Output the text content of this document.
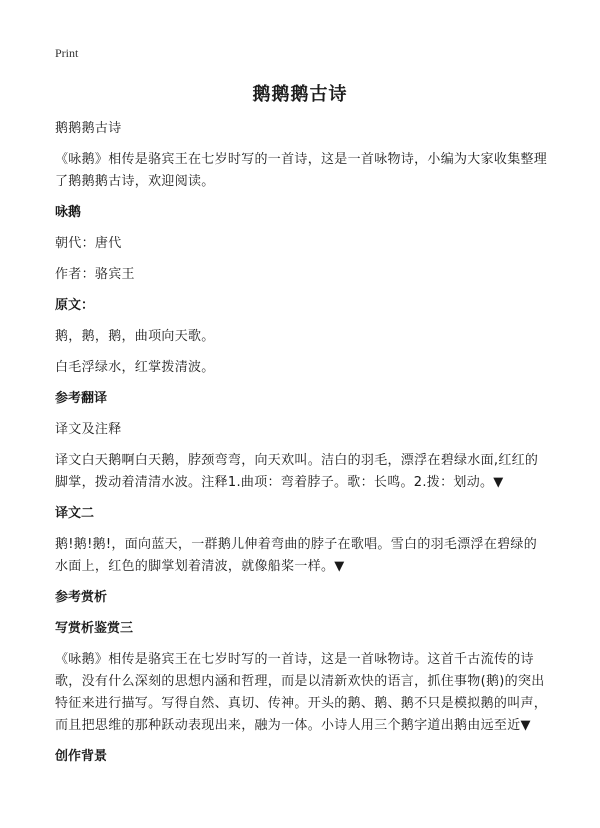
Print
鹅鹅鹅古诗

鹅鹅鹅古诗

《咏鹅》相传是骆宾王在七岁时写的一首诗，这是一首咏物诗，小编为大家收集整理了鹅鹅鹅古诗，欢迎阅读。

咏鹅

朝代：唐代

作者：骆宾王

原文：

鹅，鹅，鹅，曲项向天歌。

白毛浮绿水，红掌拨清波。

参考翻译

译文及注释

译文白天鹅啊白天鹅，脖颈弯弯，向天欢叫。洁白的羽毛，漂浮在碧绿水面,红红的脚掌，拨动着清清水波。注释1.曲项：弯着脖子。歌：长鸣。2.拨：划动。▼

译文二

鹅!鹅!鹅!，面向蓝天，一群鹅儿伸着弯曲的脖子在歌唱。雪白的羽毛漂浮在碧绿的水面上，红色的脚掌划着清波，就像船桨一样。▼

参考赏析

写赏析鉴赏三

《咏鹅》相传是骆宾王在七岁时写的一首诗，这是一首咏物诗。这首千古流传的诗歌，没有什么深刻的思想内涵和哲理，而是以清新欢快的语言，抓住事物(鹅)的突出特征来进行描写。写得自然、真切、传神。开头的鹅、鹅、鹅不只是模拟鹅的叫声，而且把思维的那种跃动表现出来，融为一体。小诗人用三个鹅字道出鹅由远至近▼

创作背景
